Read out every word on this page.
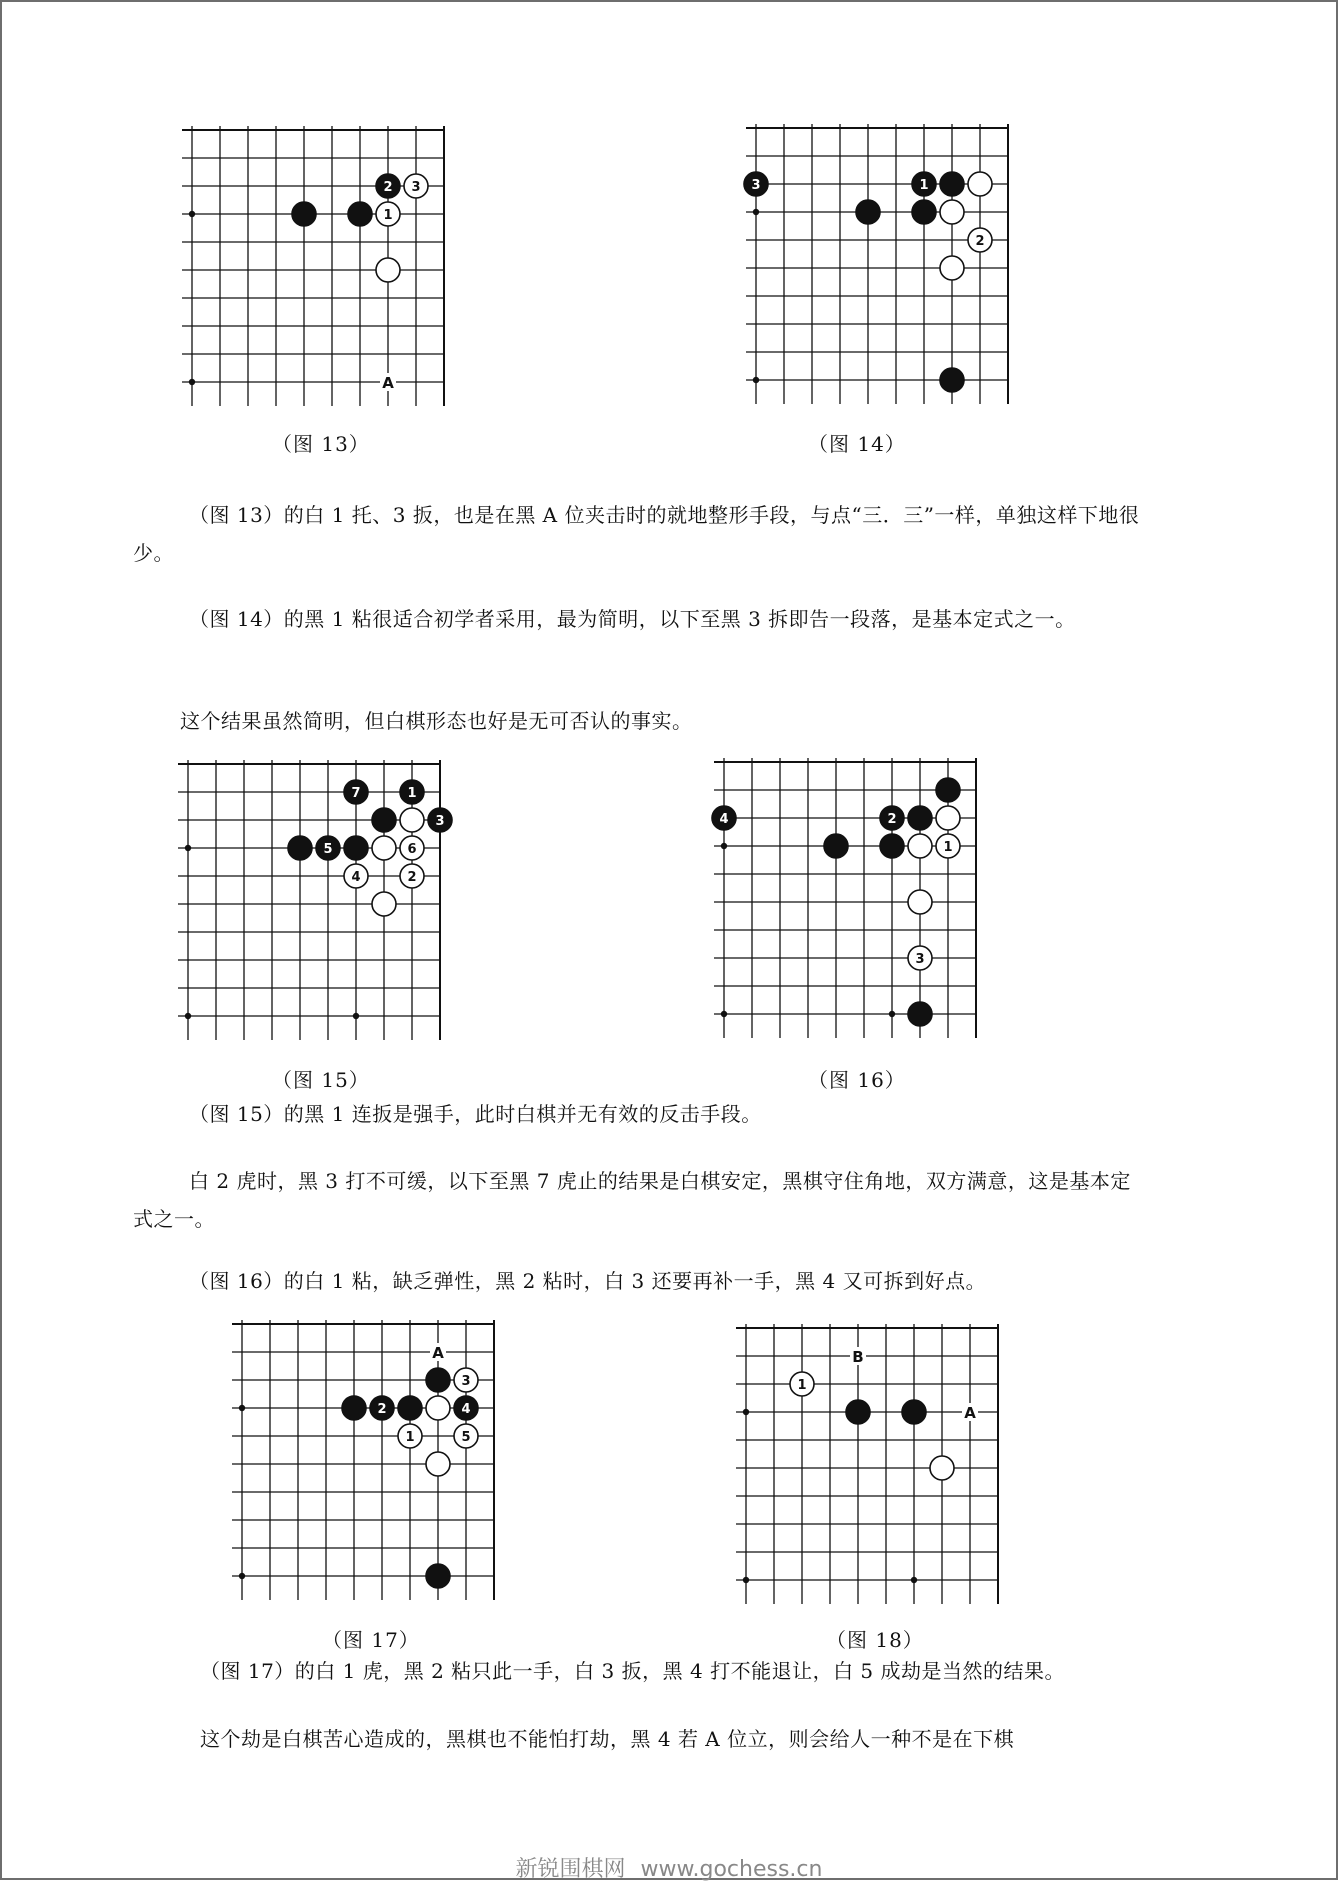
A
2
1
3
（图 13）
3	1
2
（图 14）
7	1
3
5	6
4	2
（图 15）
4	2
1
3
（图 16）
A
3
2	4
1	5
（图 17）
B
A
1
（图 18）
（图 13）的白 1 托、3 扳，也是在黑 A 位夹击时的就地整形手段，与点“三．三”一样，单独这样下地很少。
（图 14）的黑 1 粘很适合初学者采用，最为简明，以下至黑 3 拆即告一段落，是基本定式之一。
这个结果虽然简明，但白棋形态也好是无可否认的事实。
（图 15）的黑 1 连扳是强手，此时白棋并无有效的反击手段。
白 2 虎时，黑 3 打不可缓，以下至黑 7 虎止的结果是白棋安定，黑棋守住角地，双方满意，这是基本定式之一。
（图 16）的白 1 粘，缺乏弹性，黑 2 粘时，白 3 还要再补一手，黑 4 又可拆到好点。
（图 17）的白 1 虎，黑 2 粘只此一手，白 3 扳，黑 4 打不能退让，白 5 成劫是当然的结果。
这个劫是白棋苦心造成的，黑棋也不能怕打劫，黑 4 若 A 位立，则会给人一种不是在下棋
新锐围棋网 www.gochess.cn
